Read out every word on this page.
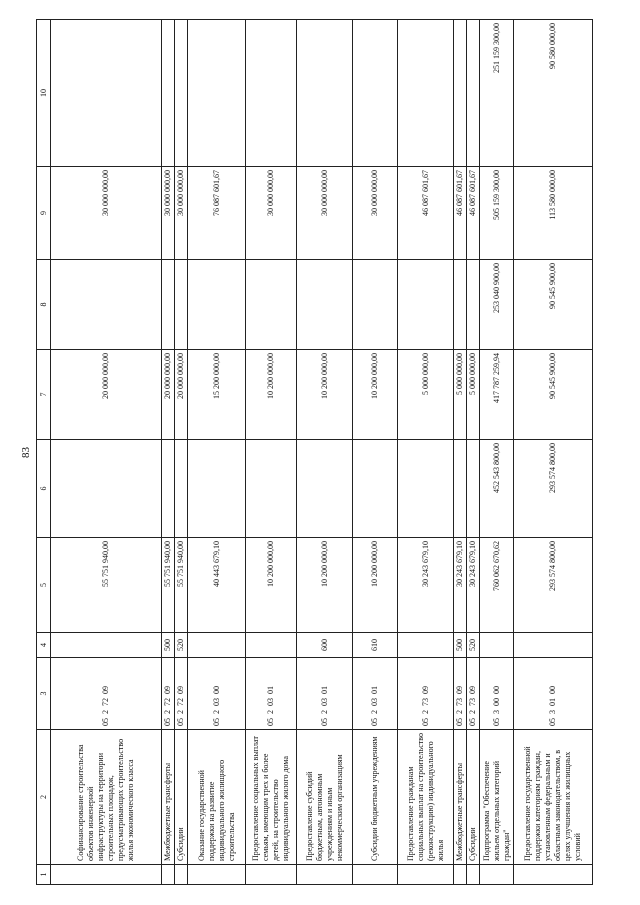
83
1	2	3	4	5	6	7	8	9	10
	Софинансирование строительства объектов инженерной инфраструктуры на территории строительных площадок, предусматривающих строительство жилья экономического класса	05  2  72  09		55 751 940,00		20 000 000,00		30 000 000,00	
	Межбюджетные трансферты	05  2  72  09	500	55 751 940,00		20 000 000,00		30 000 000,00	
	Субсидии	05  2  72  09	520	55 751 940,00		20 000 000,00		30 000 000,00	
	Оказание государственной поддержки на развитие индивидуального жилищного строительства	05  2  03  00		40 443 679,10		15 200 000,00		76 087 601,67	
	Предоставление социальных выплат семьям, имеющим трех и более детей, на строительство индивидуального жилого дома	05  2  03  01		10 200 000,00		10 200 000,00		30 000 000,00	
	Предоставление субсидий бюджетным, автономным учреждениям и иным некоммерческим организациям	05  2  03  01	600	10 200 000,00		10 200 000,00		30 000 000,00	
	Субсидии бюджетным учреждениям	05  2  03  01	610	10 200 000,00		10 200 000,00		30 000 000,00	
	Предоставление гражданам социальных выплат на строительство (реконструкцию) индивидуального жилья	05  2  73  09		30 243 679,10		5 000 000,00		46 087 601,67	
	Межбюджетные трансферты	05  2  73  09	500	30 243 679,10		5 000 000,00		46 087 601,67	
	Субсидии	05  2  73  09	520	30 243 679,10		5 000 000,00		46 087 601,67	
	Подпрограмма "Обеспечение жильем отдельных категорий граждан"	05  3  00  00		760 062 670,62	452 543 800,00	417 787 259,94	253 040 900,00	505 159 300,00	251 159 300,00
	Предоставление государственной поддержки категориям граждан, установленным федеральным и областным законодательством, в целях улучшения их жилищных условий	05  3  01  00		293 574 800,00	293 574 800,00	90 545 900,00	90 545 900,00	113 580 000,00	90 580 000,00
